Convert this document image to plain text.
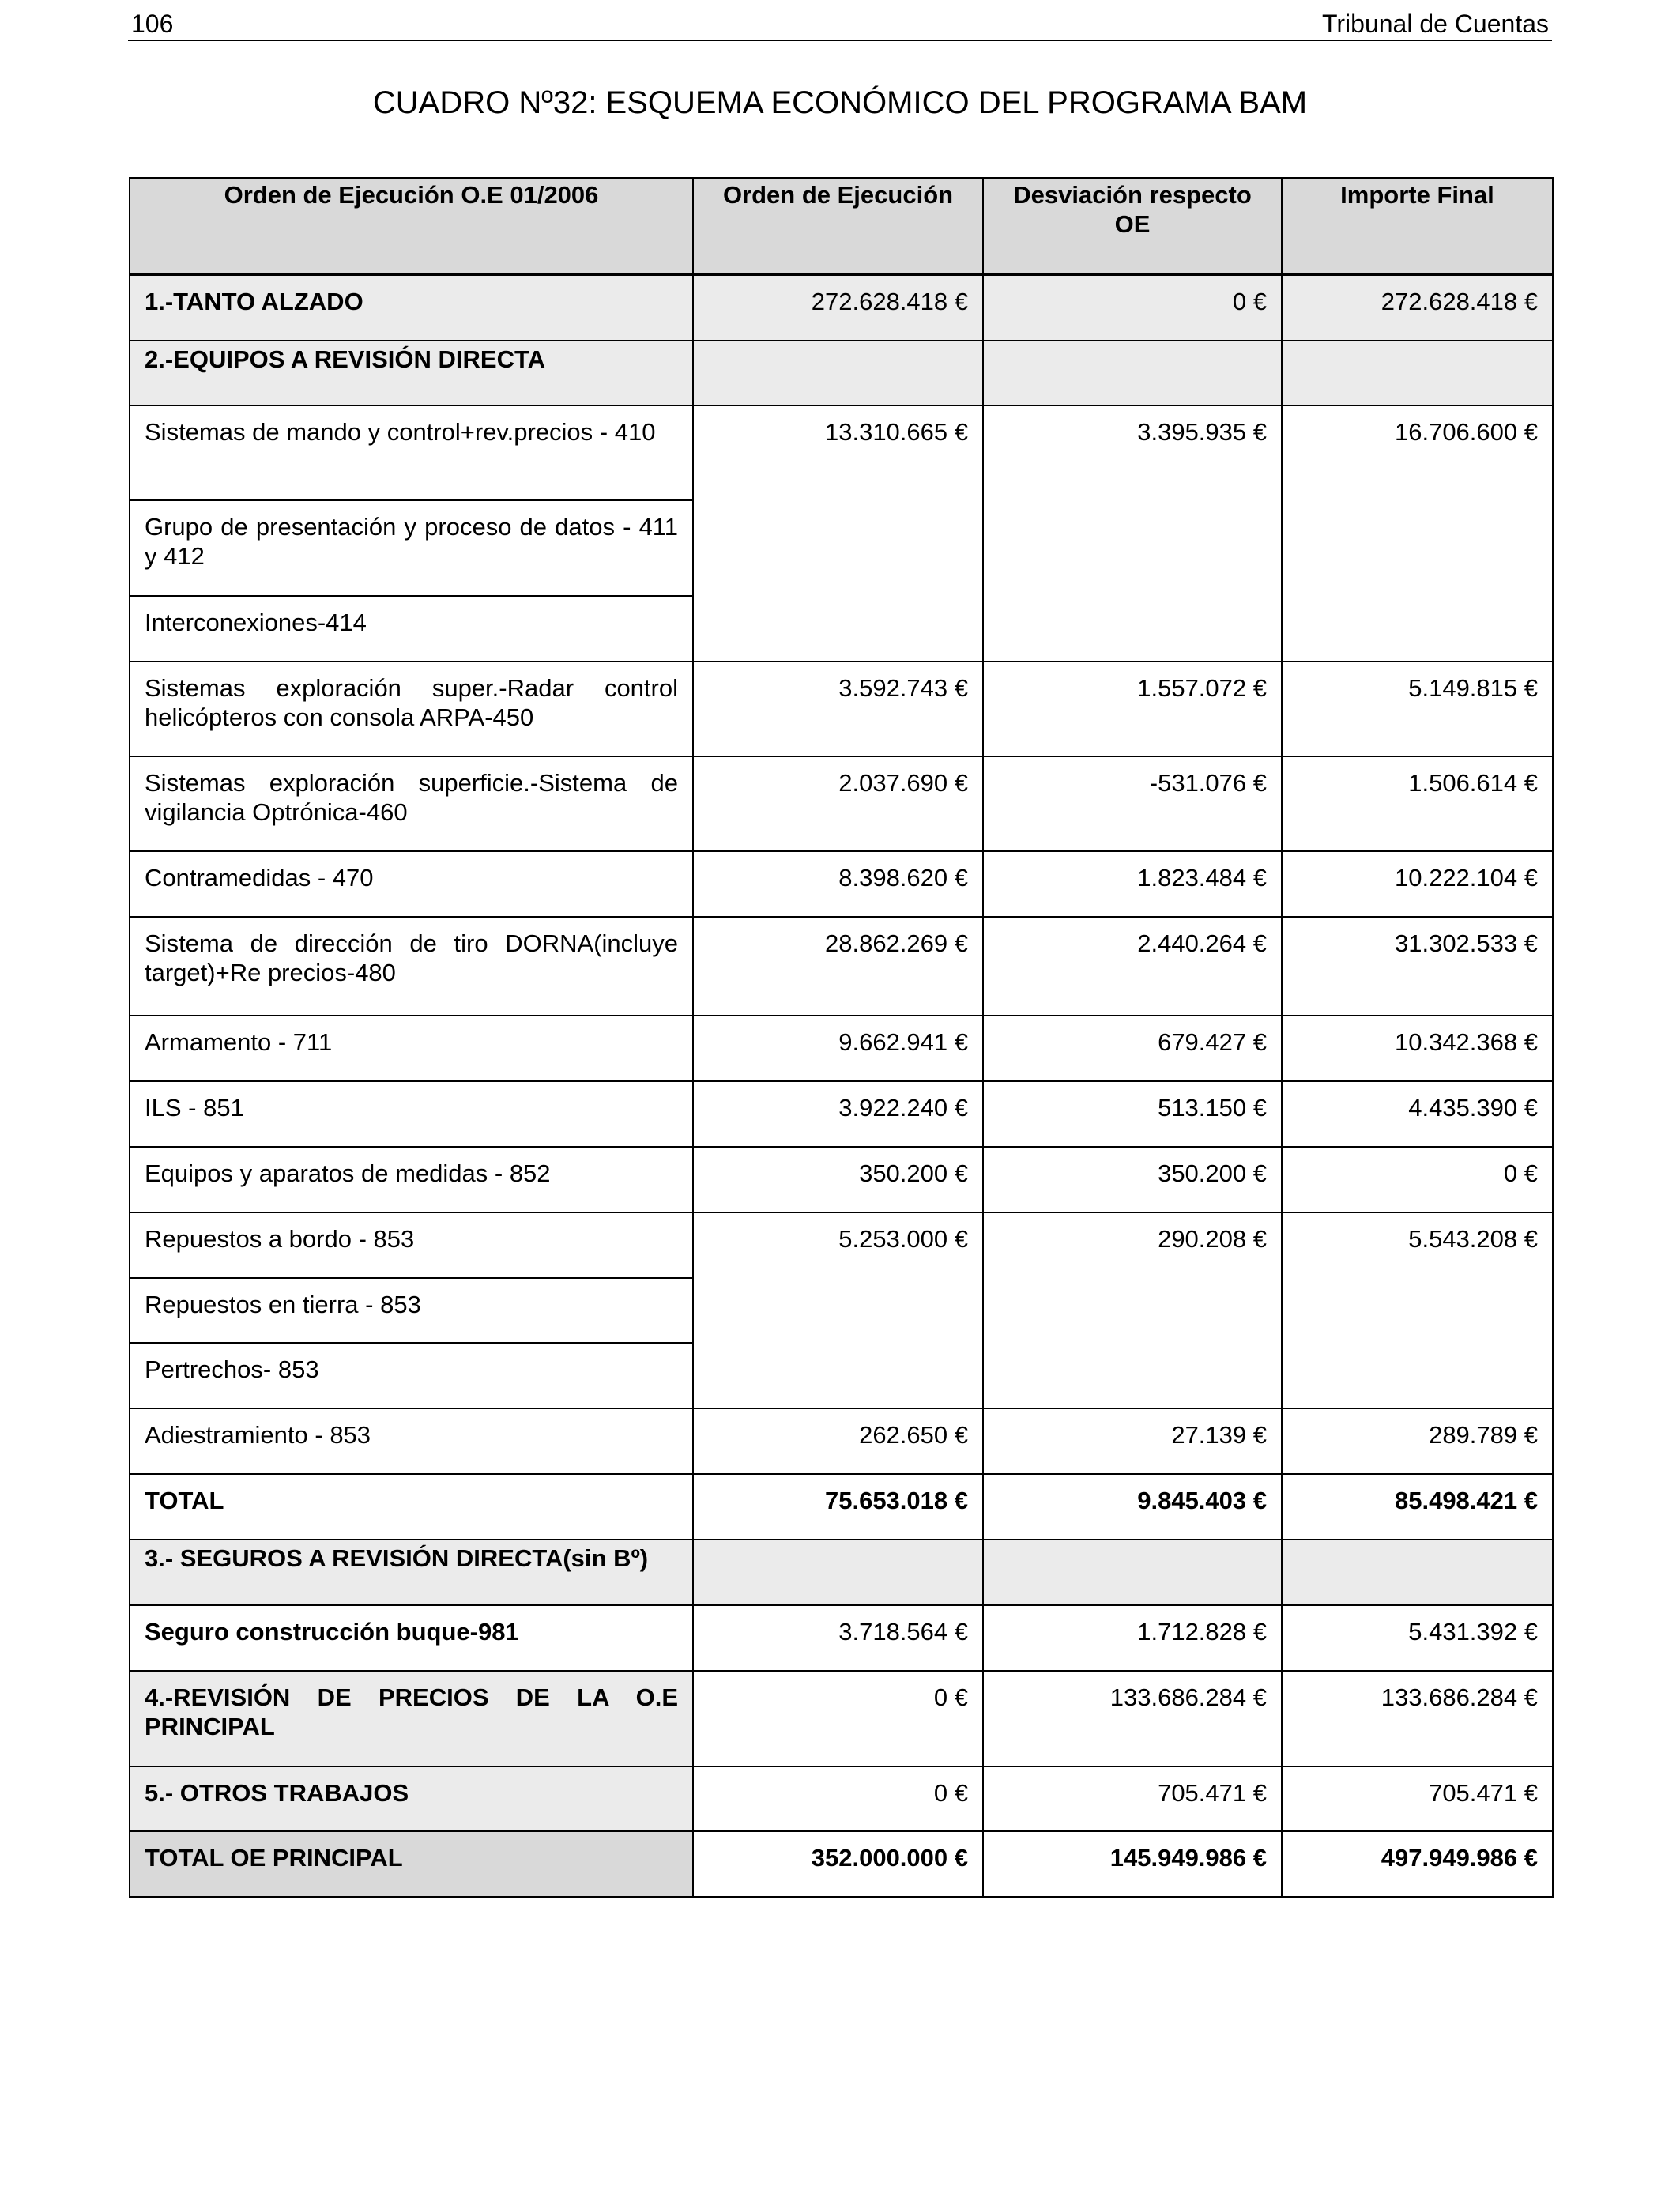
106	Tribunal de Cuentas
CUADRO Nº32: ESQUEMA ECONÓMICO DEL PROGRAMA BAM
Orden de Ejecución O.E 01/2006	Orden de Ejecución	Desviación respecto OE	Importe Final
1.-TANTO ALZADO	272.628.418 €	0 €	272.628.418 €
2.-EQUIPOS A REVISIÓN DIRECTA			
Sistemas de mando y control+rev.precios - 410	13.310.665 €	3.395.935 €	16.706.600 €
Grupo de presentación y proceso de datos - 411 y 412			
Interconexiones-414			
Sistemas exploración super.-Radar control helicópteros con consola ARPA-450	3.592.743 €	1.557.072 €	5.149.815 €
Sistemas exploración superficie.-Sistema de vigilancia Optrónica-460	2.037.690 €	-531.076 €	1.506.614 €
Contramedidas - 470	8.398.620 €	1.823.484 €	10.222.104 €
Sistema de dirección de tiro DORNA(incluye target)+Re precios-480	28.862.269 €	2.440.264 €	31.302.533 €
Armamento - 711	9.662.941 €	679.427 €	10.342.368 €
ILS - 851	3.922.240 €	513.150 €	4.435.390 €
Equipos y aparatos de medidas - 852	350.200 €	350.200 €	0 €
Repuestos a bordo - 853	5.253.000 €	290.208 €	5.543.208 €
Repuestos en tierra - 853			
Pertrechos- 853			
Adiestramiento - 853	262.650 €	27.139 €	289.789 €
TOTAL	75.653.018 €	9.845.403 €	85.498.421 €
3.- SEGUROS A REVISIÓN DIRECTA(sin Bº)			
Seguro construcción buque-981	3.718.564 €	1.712.828 €	5.431.392 €
4.-REVISIÓN DE PRECIOS DE LA O.E PRINCIPAL	0 €	133.686.284 €	133.686.284 €
5.- OTROS TRABAJOS	0 €	705.471 €	705.471 €
TOTAL OE PRINCIPAL	352.000.000 €	145.949.986 €	497.949.986 €
